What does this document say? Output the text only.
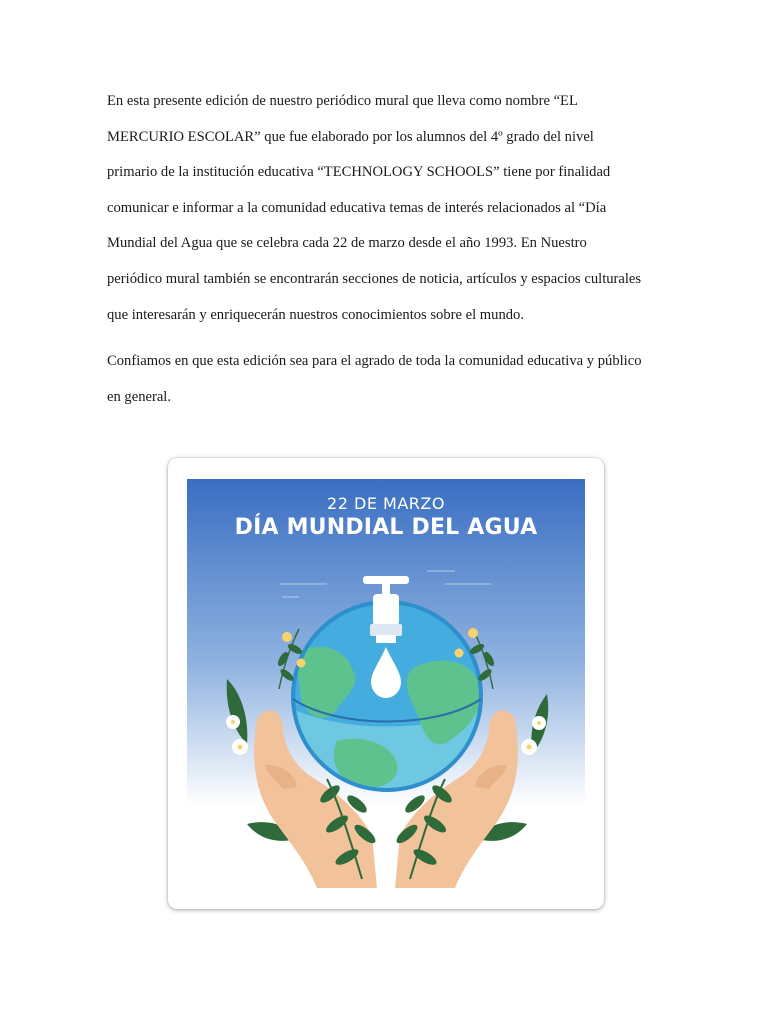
En esta presente edición de nuestro periódico mural que lleva como nombre “EL
MERCURIO ESCOLAR” que fue elaborado por los alumnos del 4º grado del nivel
primario de la institución educativa “TECHNOLOGY SCHOOLS” tiene por finalidad
comunicar e informar a la comunidad educativa temas de interés relacionados al “Día
Mundial del Agua que se celebra cada 22 de marzo desde el año 1993. En Nuestro
periódico mural también se encontrarán secciones de noticia, artículos y espacios culturales
que interesarán y enriquecerán nuestros conocimientos sobre el mundo.
Confiamos en que esta edición sea para el agrado de toda la comunidad educativa y público
en general.
22 DE MARZO
DÍA MUNDIAL DEL AGUA
